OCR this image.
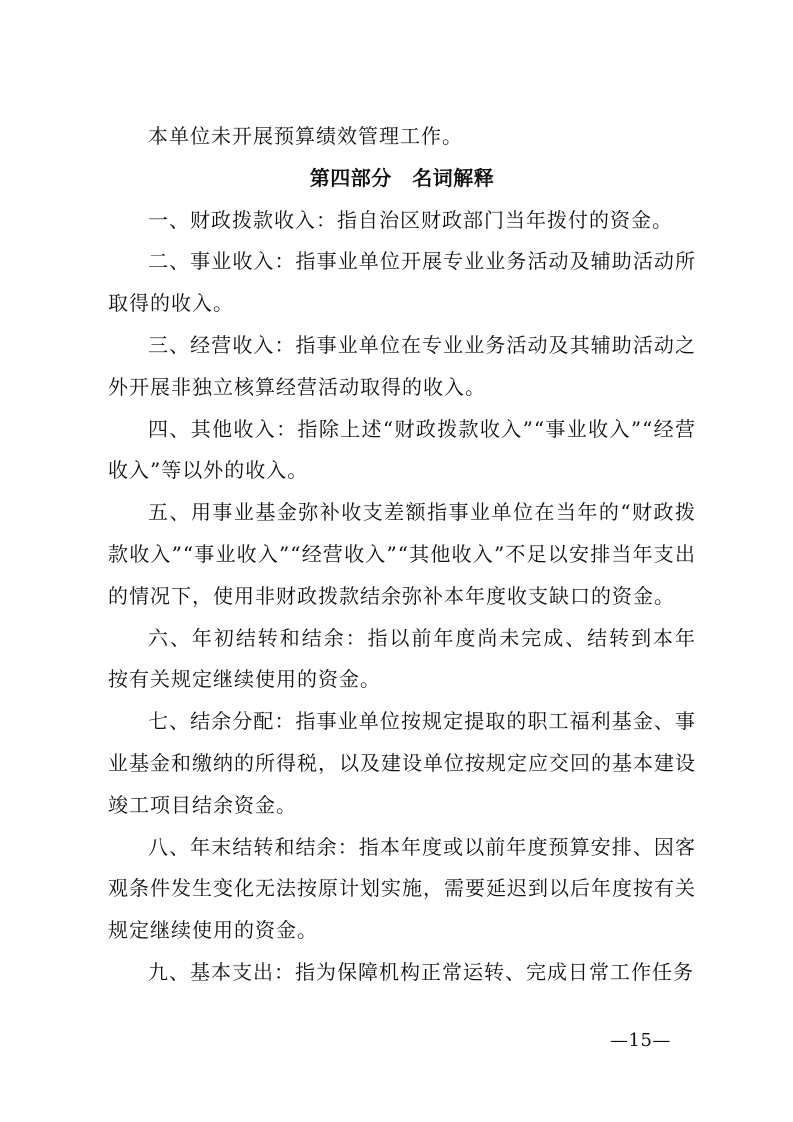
本单位未开展预算绩效管理工作。

第四部分　名词解释

一、财政拨款收入：指自治区财政部门当年拨付的资金。

二、事业收入：指事业单位开展专业业务活动及辅助活动所取得的收入。

三、经营收入：指事业单位在专业业务活动及其辅助活动之外开展非独立核算经营活动取得的收入。

四、其他收入：指除上述“财政拨款收入”“事业收入”“经营收入”等以外的收入。

五、用事业基金弥补收支差额指事业单位在当年的“财政拨款收入”“事业收入”“经营收入”“其他收入”不足以安排当年支出的情况下，使用非财政拨款结余弥补本年度收支缺口的资金。

六、年初结转和结余：指以前年度尚未完成、结转到本年 按有关规定继续使用的资金。

七、结余分配：指事业单位按规定提取的职工福利基金、事业基金和缴纳的所得税，以及建设单位按规定应交回的基本建设竣工项目结余资金。

八、年末结转和结余：指本年度或以前年度预算安排、因客观条件发生变化无法按原计划实施，需要延迟到以后年度按有关规定继续使用的资金。

九、基本支出：指为保障机构正常运转、完成日常工作任务

—15—
